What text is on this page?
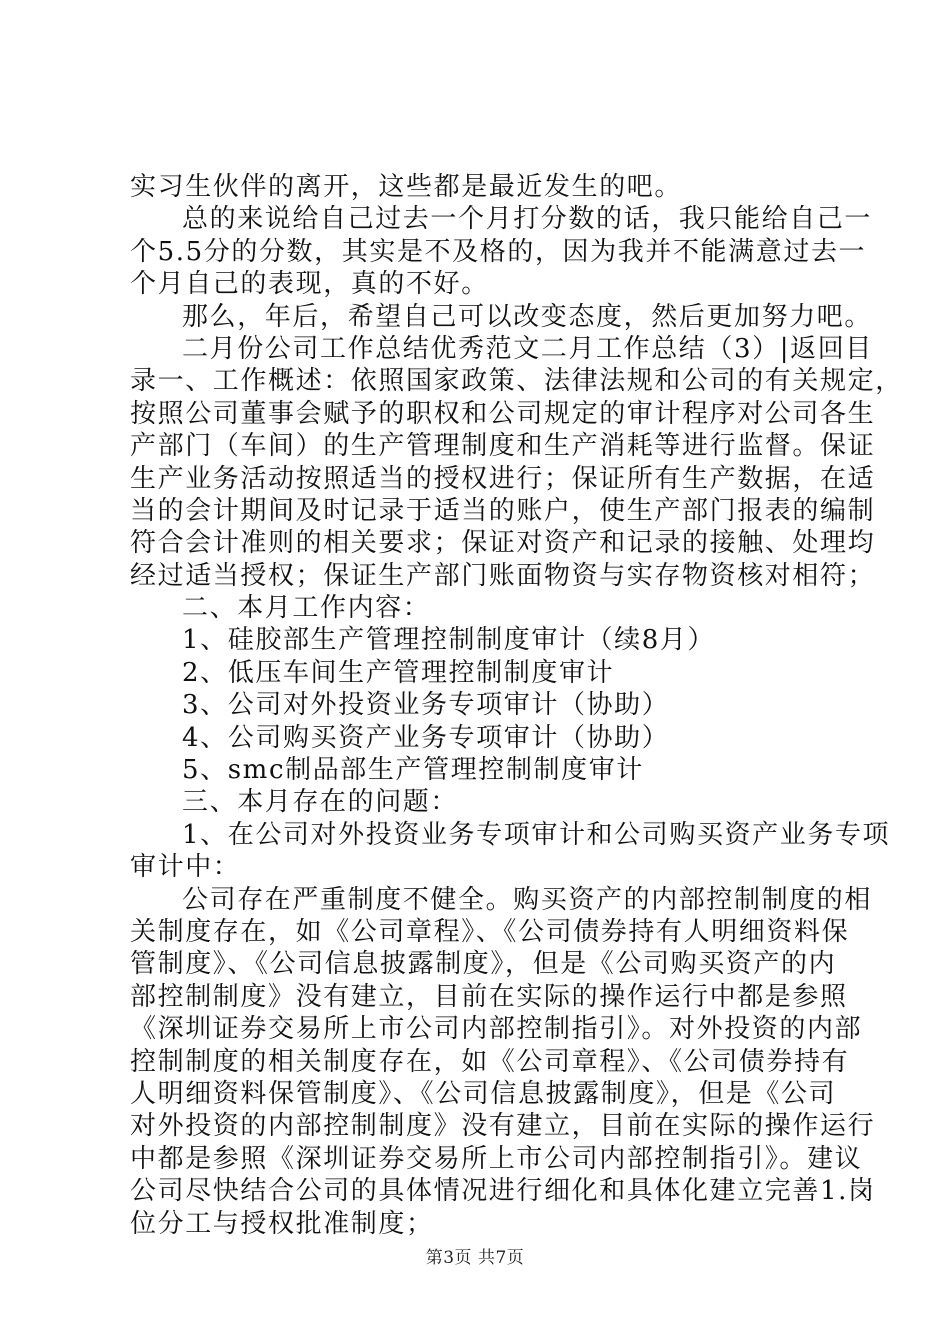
实习生伙伴的离开，这些都是最近发生的吧。
总的来说给自己过去一个月打分数的话，我只能给自己一
个5.5分的分数，其实是不及格的，因为我并不能满意过去一
个月自己的表现，真的不好。
那么，年后，希望自己可以改变态度，然后更加努力吧。
二月份公司工作总结优秀范文二月工作总结（3）|返回目
录一、工作概述：依照国家政策、法律法规和公司的有关规定，
按照公司董事会赋予的职权和公司规定的审计程序对公司各生
产部门（车间）的生产管理制度和生产消耗等进行监督。保证
生产业务活动按照适当的授权进行；保证所有生产数据，在适
当的会计期间及时记录于适当的账户，使生产部门报表的编制
符合会计准则的相关要求；保证对资产和记录的接触、处理均
经过适当授权；保证生产部门账面物资与实存物资核对相符；
二、本月工作内容：
1、硅胶部生产管理控制制度审计（续8月）
2、低压车间生产管理控制制度审计
3、公司对外投资业务专项审计（协助）
4、公司购买资产业务专项审计（协助）
5、smc制品部生产管理控制制度审计
三、本月存在的问题：
1、在公司对外投资业务专项审计和公司购买资产业务专项
审计中：
公司存在严重制度不健全。购买资产的内部控制制度的相
关制度存在，如《公司章程》、《公司债券持有人明细资料保
管制度》、《公司信息披露制度》，但是《公司购买资产的内
部控制制度》没有建立，目前在实际的操作运行中都是参照
《深圳证券交易所上市公司内部控制指引》。对外投资的内部
控制制度的相关制度存在，如《公司章程》、《公司债券持有
人明细资料保管制度》、《公司信息披露制度》，但是《公司
对外投资的内部控制制度》没有建立，目前在实际的操作运行
中都是参照《深圳证券交易所上市公司内部控制指引》。建议
公司尽快结合公司的具体情况进行细化和具体化建立完善1.岗
位分工与授权批准制度；
第3页 共7页
